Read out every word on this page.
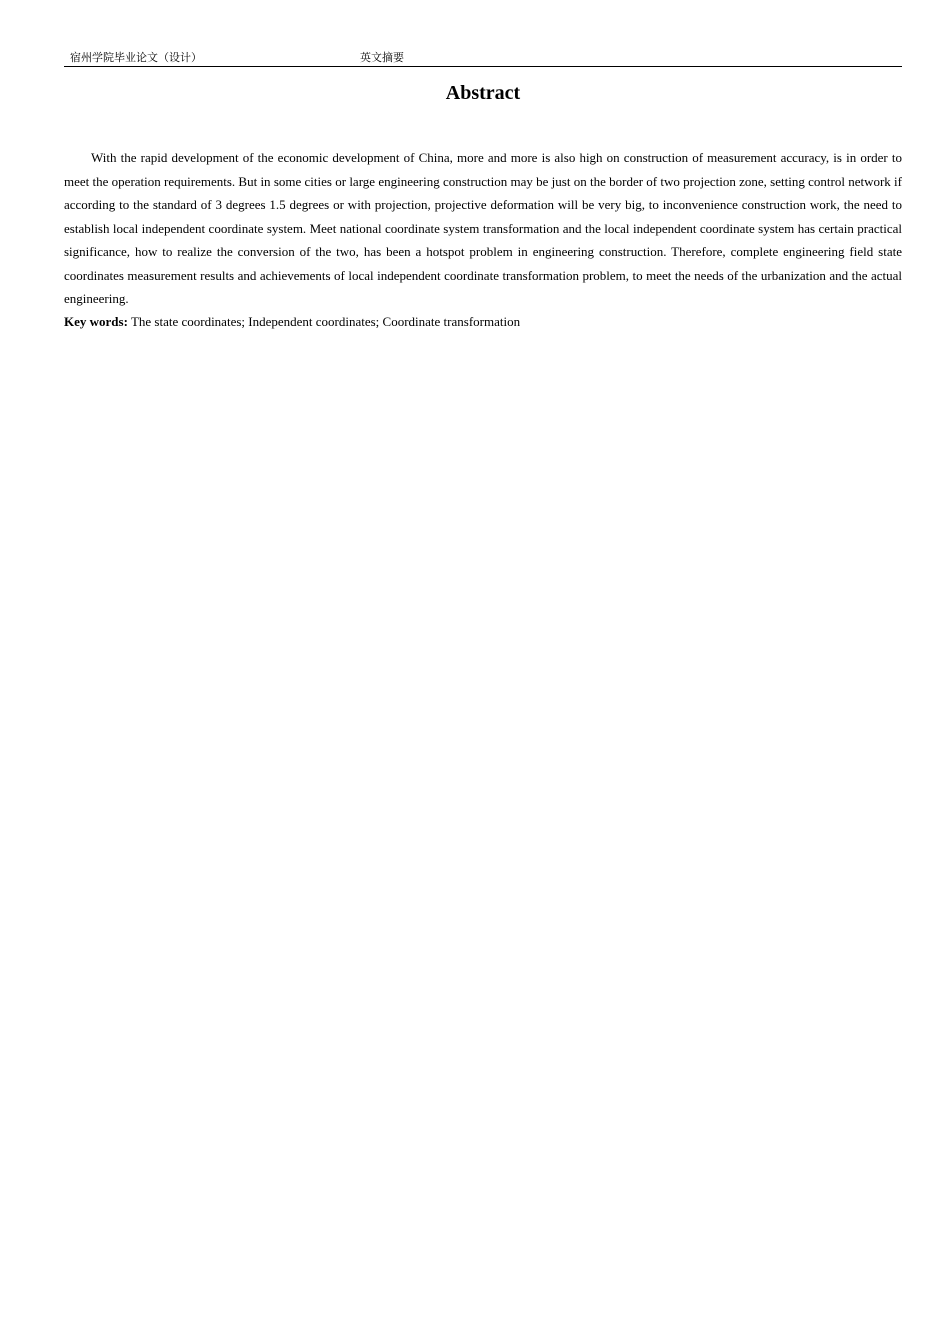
宿州学院毕业论文（设计）	英文摘要
Abstract

With the rapid development of the economic development of China, more and more is also high on construction of measurement accuracy, is in order to meet the operation requirements. But in some cities or large engineering construction may be just on the border of two projection zone, setting control network if according to the standard of 3 degrees 1.5 degrees or with projection, projective deformation will be very big, to inconvenience construction work, the need to establish local independent coordinate system. Meet national coordinate system transformation and the local independent coordinate system has certain practical significance, how to realize the conversion of the two, has been a hotspot problem in engineering construction. Therefore, complete engineering field state coordinates measurement results and achievements of local independent coordinate transformation problem, to meet the needs of the urbanization and the actual engineering.

Key words: The state coordinates; Independent coordinates; Coordinate transformation
